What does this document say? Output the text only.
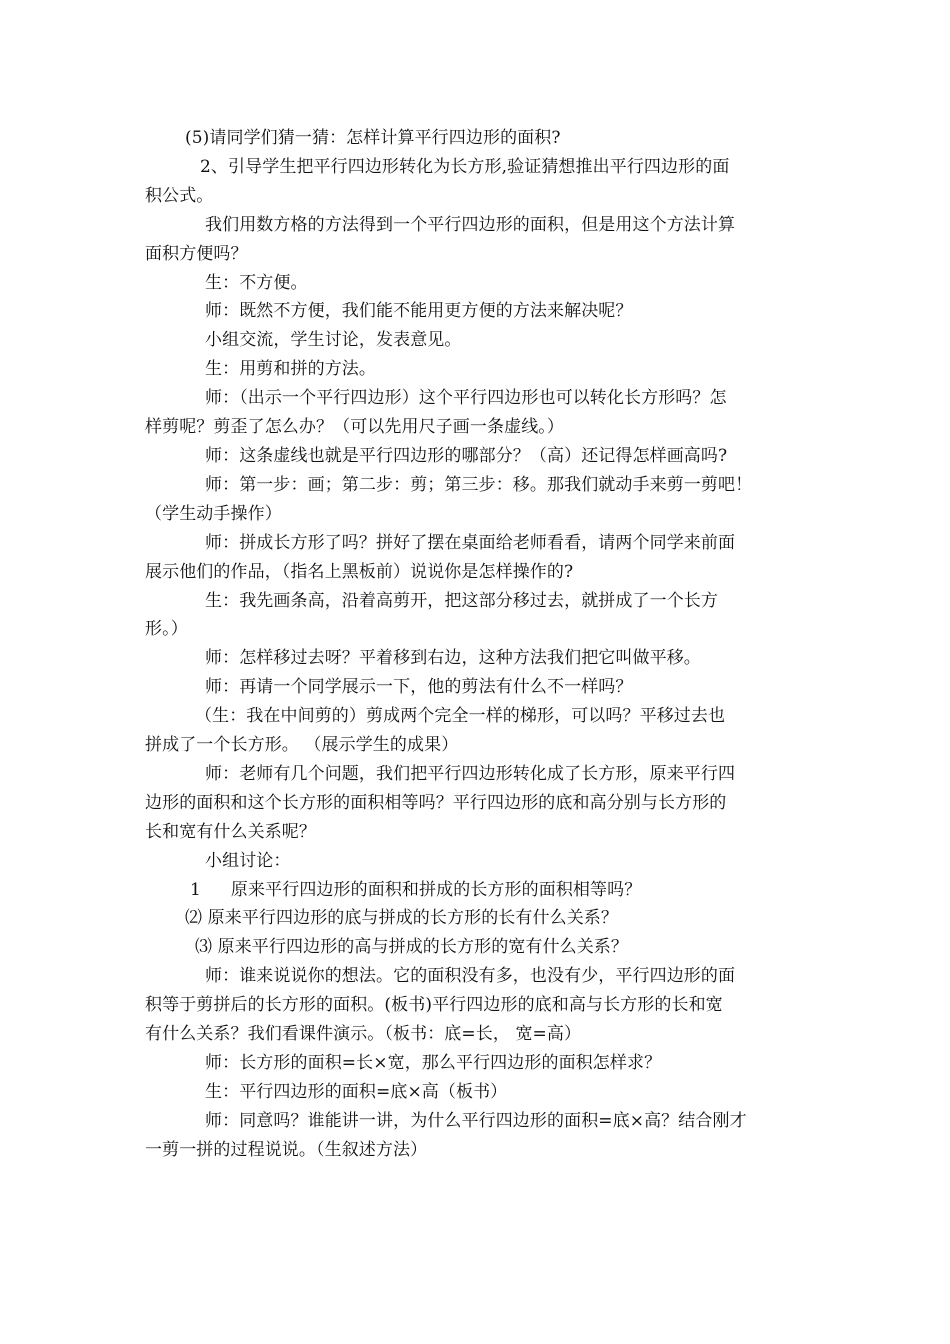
(5)请同学们猜一猜：怎样计算平行四边形的面积?
2、引导学生把平行四边形转化为长方形,验证猜想推出平行四边形的面
积公式。
我们用数方格的方法得到一个平行四边形的面积，但是用这个方法计算
面积方便吗？
生：不方便。
师：既然不方便，我们能不能用更方便的方法来解决呢？
小组交流，学生讨论，发表意见。
生：用剪和拼的方法。
师：（出示一个平行四边形）这个平行四边形也可以转化长方形吗？怎
样剪呢？剪歪了怎么办？（可以先用尺子画一条虚线。）
师：这条虚线也就是平行四边形的哪部分？（高）还记得怎样画高吗?
师：第一步：画；第二步：剪；第三步：移。那我们就动手来剪一剪吧！
（学生动手操作）
师：拼成长方形了吗？拼好了摆在桌面给老师看看，请两个同学来前面
展示他们的作品，（指名上黑板前）说说你是怎样操作的?
生：我先画条高，沿着高剪开，把这部分移过去，就拼成了一个长方
形。）
师：怎样移过去呀？平着移到右边，这种方法我们把它叫做平移。
师：再请一个同学展示一下，他的剪法有什么不一样吗？
（生：我在中间剪的）剪成两个完全一样的梯形，可以吗？平移过去也
拼成了一个长方形。 （展示学生的成果）
师：老师有几个问题，我们把平行四边形转化成了长方形，原来平行四
边形的面积和这个长方形的面积相等吗？平行四边形的底和高分别与长方形的
长和宽有什么关系呢？
小组讨论：
1 原来平行四边形的面积和拼成的长方形的面积相等吗？
⑵ 原来平行四边形的底与拼成的长方形的长有什么关系？
⑶ 原来平行四边形的高与拼成的长方形的宽有什么关系？
师：谁来说说你的想法。它的面积没有多，也没有少，平行四边形的面
积等于剪拼后的长方形的面积。(板书)平行四边形的底和高与长方形的长和宽
有什么关系？我们看课件演示。（板书：底=长， 宽=高）
师：长方形的面积=长×宽，那么平行四边形的面积怎样求？
生：平行四边形的面积=底×高（板书）
师：同意吗？谁能讲一讲，为什么平行四边形的面积=底×高？结合刚才
一剪一拼的过程说说。（生叙述方法）
